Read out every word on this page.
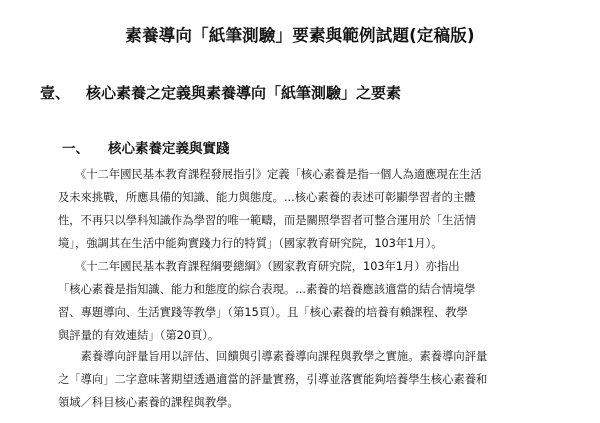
素養導向「紙筆測驗」要素與範例試題(定稿版)
壹、 核心素養之定義與素養導向「紙筆測驗」之要素
一、 核心素養定義與實踐
　　《十二年國民基本教育課程發展指引》定義「核心素養是指一個人為適應現在生活
及未來挑戰，所應具備的知識、能力與態度。...核心素養的表述可彰顯學習者的主體
性，不再只以學科知識作為學習的唯一範疇，而是關照學習者可整合運用於「生活情
境」，強調其在生活中能夠實踐力行的特質」（國家教育研究院，103年1月）。
　　《十二年國民基本教育課程綱要總綱》（國家教育研究院，103年1月）亦指出
「核心素養是指知識、能力和態度的綜合表現。...素養的培養應該適當的結合情境學
習、專題導向、生活實踐等教學」（第15頁）。且「核心素養的培養有賴課程、教學
與評量的有效連結」（第20頁）。
　　素養導向評量旨用以評估、回饋與引導素養導向課程與教學之實施。素養導向評量
之「導向」二字意味著期望透過適當的評量實務，引導並落實能夠培養學生核心素養和
領域／科目核心素養的課程與教學。
